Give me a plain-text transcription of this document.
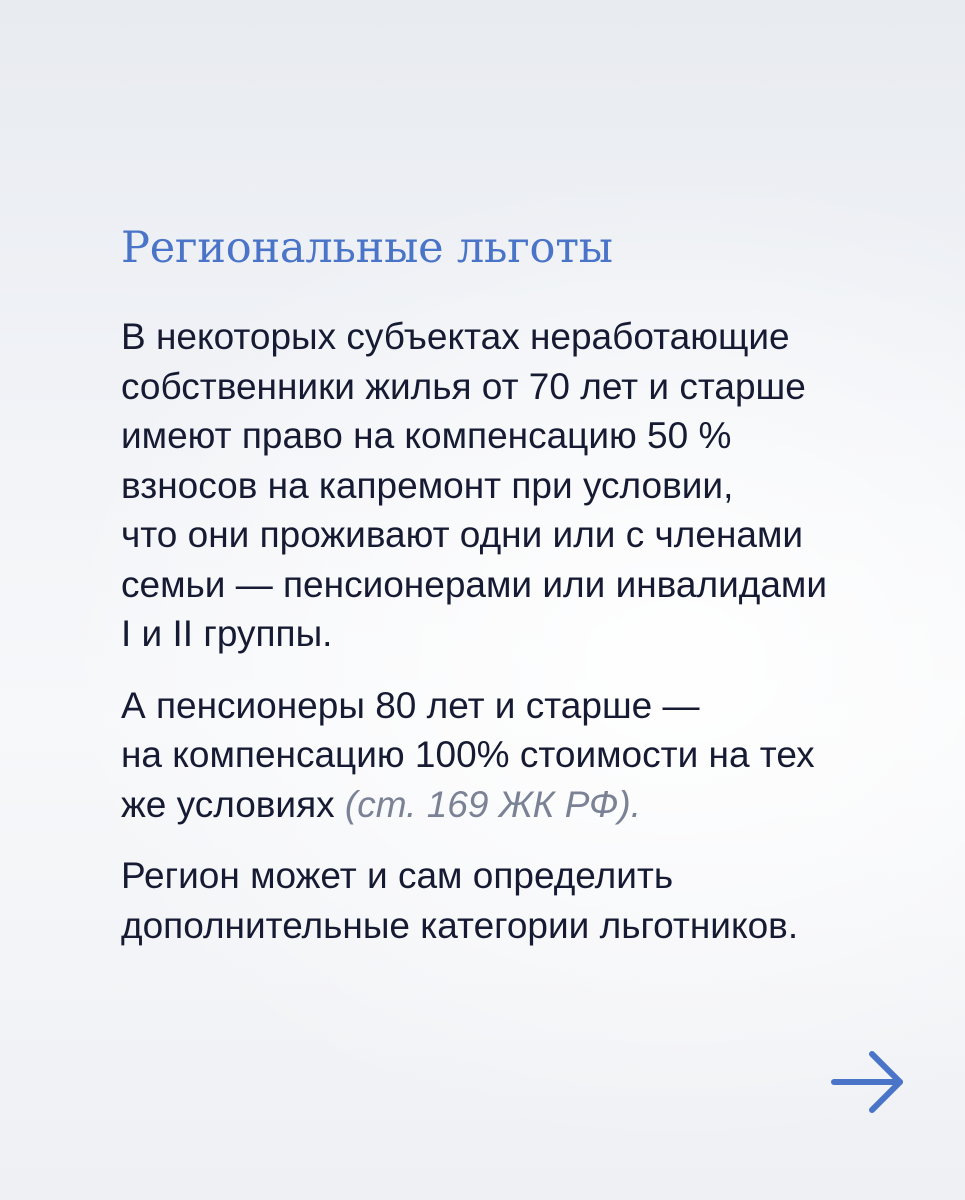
Региональные льготы

В некоторых субъектах неработающие
собственники жилья от 70 лет и старше
имеют право на компенсацию 50 %
взносов на капремонт при условии,
что они проживают одни или с членами
семьи — пенсионерами или инвалидами
I и II группы.

А пенсионеры 80 лет и старше —
на компенсацию 100% стоимости на тех
же условиях (ст. 169 ЖК РФ).

Регион может и сам определить
дополнительные категории льготников.
